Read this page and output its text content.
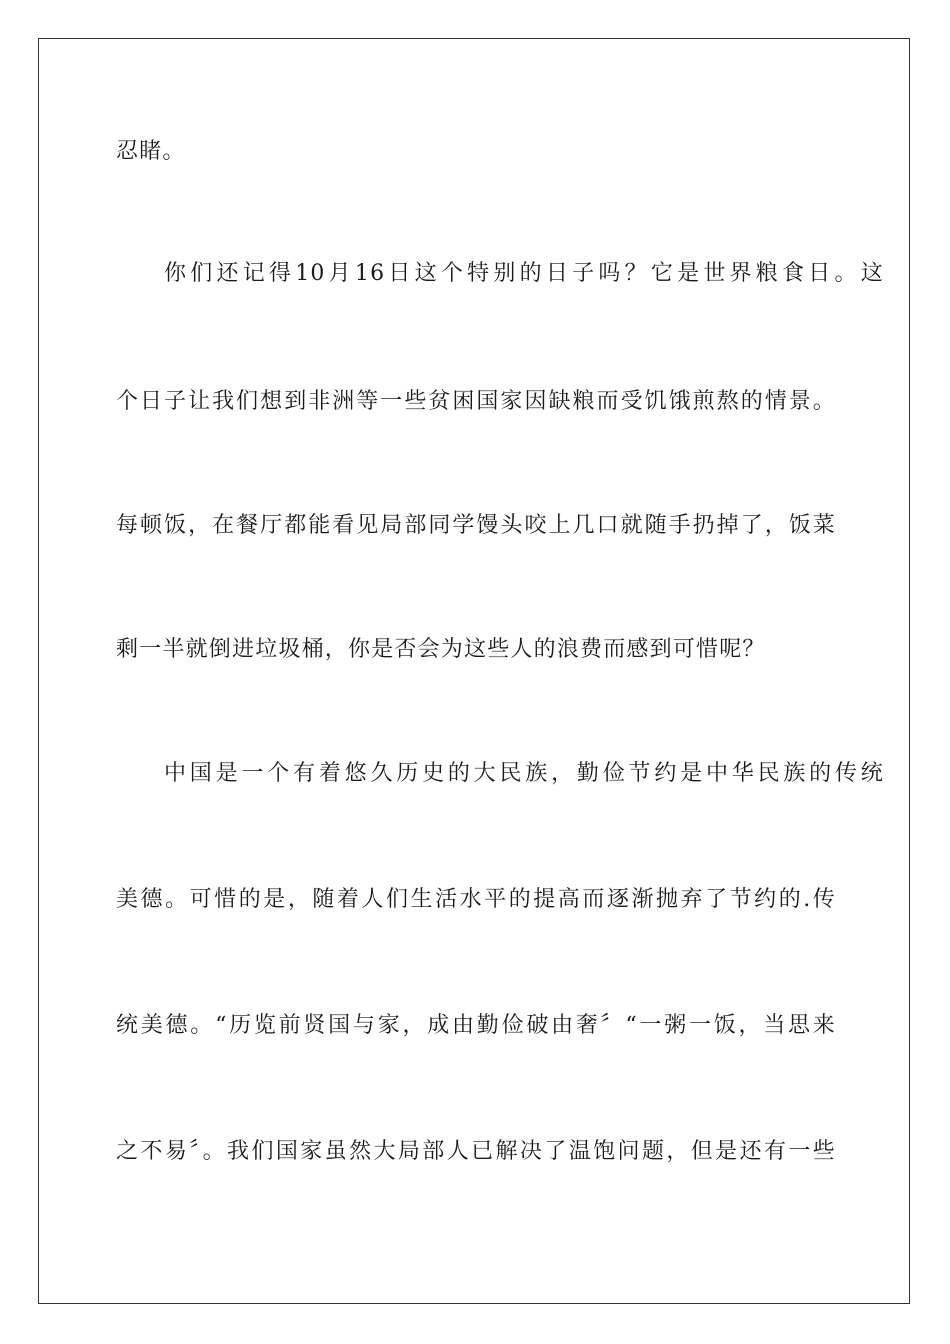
忍睹。
你们还记得10月16日这个特别的日子吗？它是世界粮食日。这
个日子让我们想到非洲等一些贫困国家因缺粮而受饥饿煎熬的情景。
每顿饭，在餐厅都能看见局部同学馒头咬上几口就随手扔掉了，饭菜
剩一半就倒进垃圾桶，你是否会为这些人的浪费而感到可惜呢？
中国是一个有着悠久历史的大民族，勤俭节约是中华民族的传统
美德。可惜的是，随着人们生活水平的提高而逐渐抛弃了节约的.传
统美德。“历览前贤国与家，成由勤俭破由奢〞“一粥一饭，当思来
之不易〞。我们国家虽然大局部人已解决了温饱问题，但是还有一些
